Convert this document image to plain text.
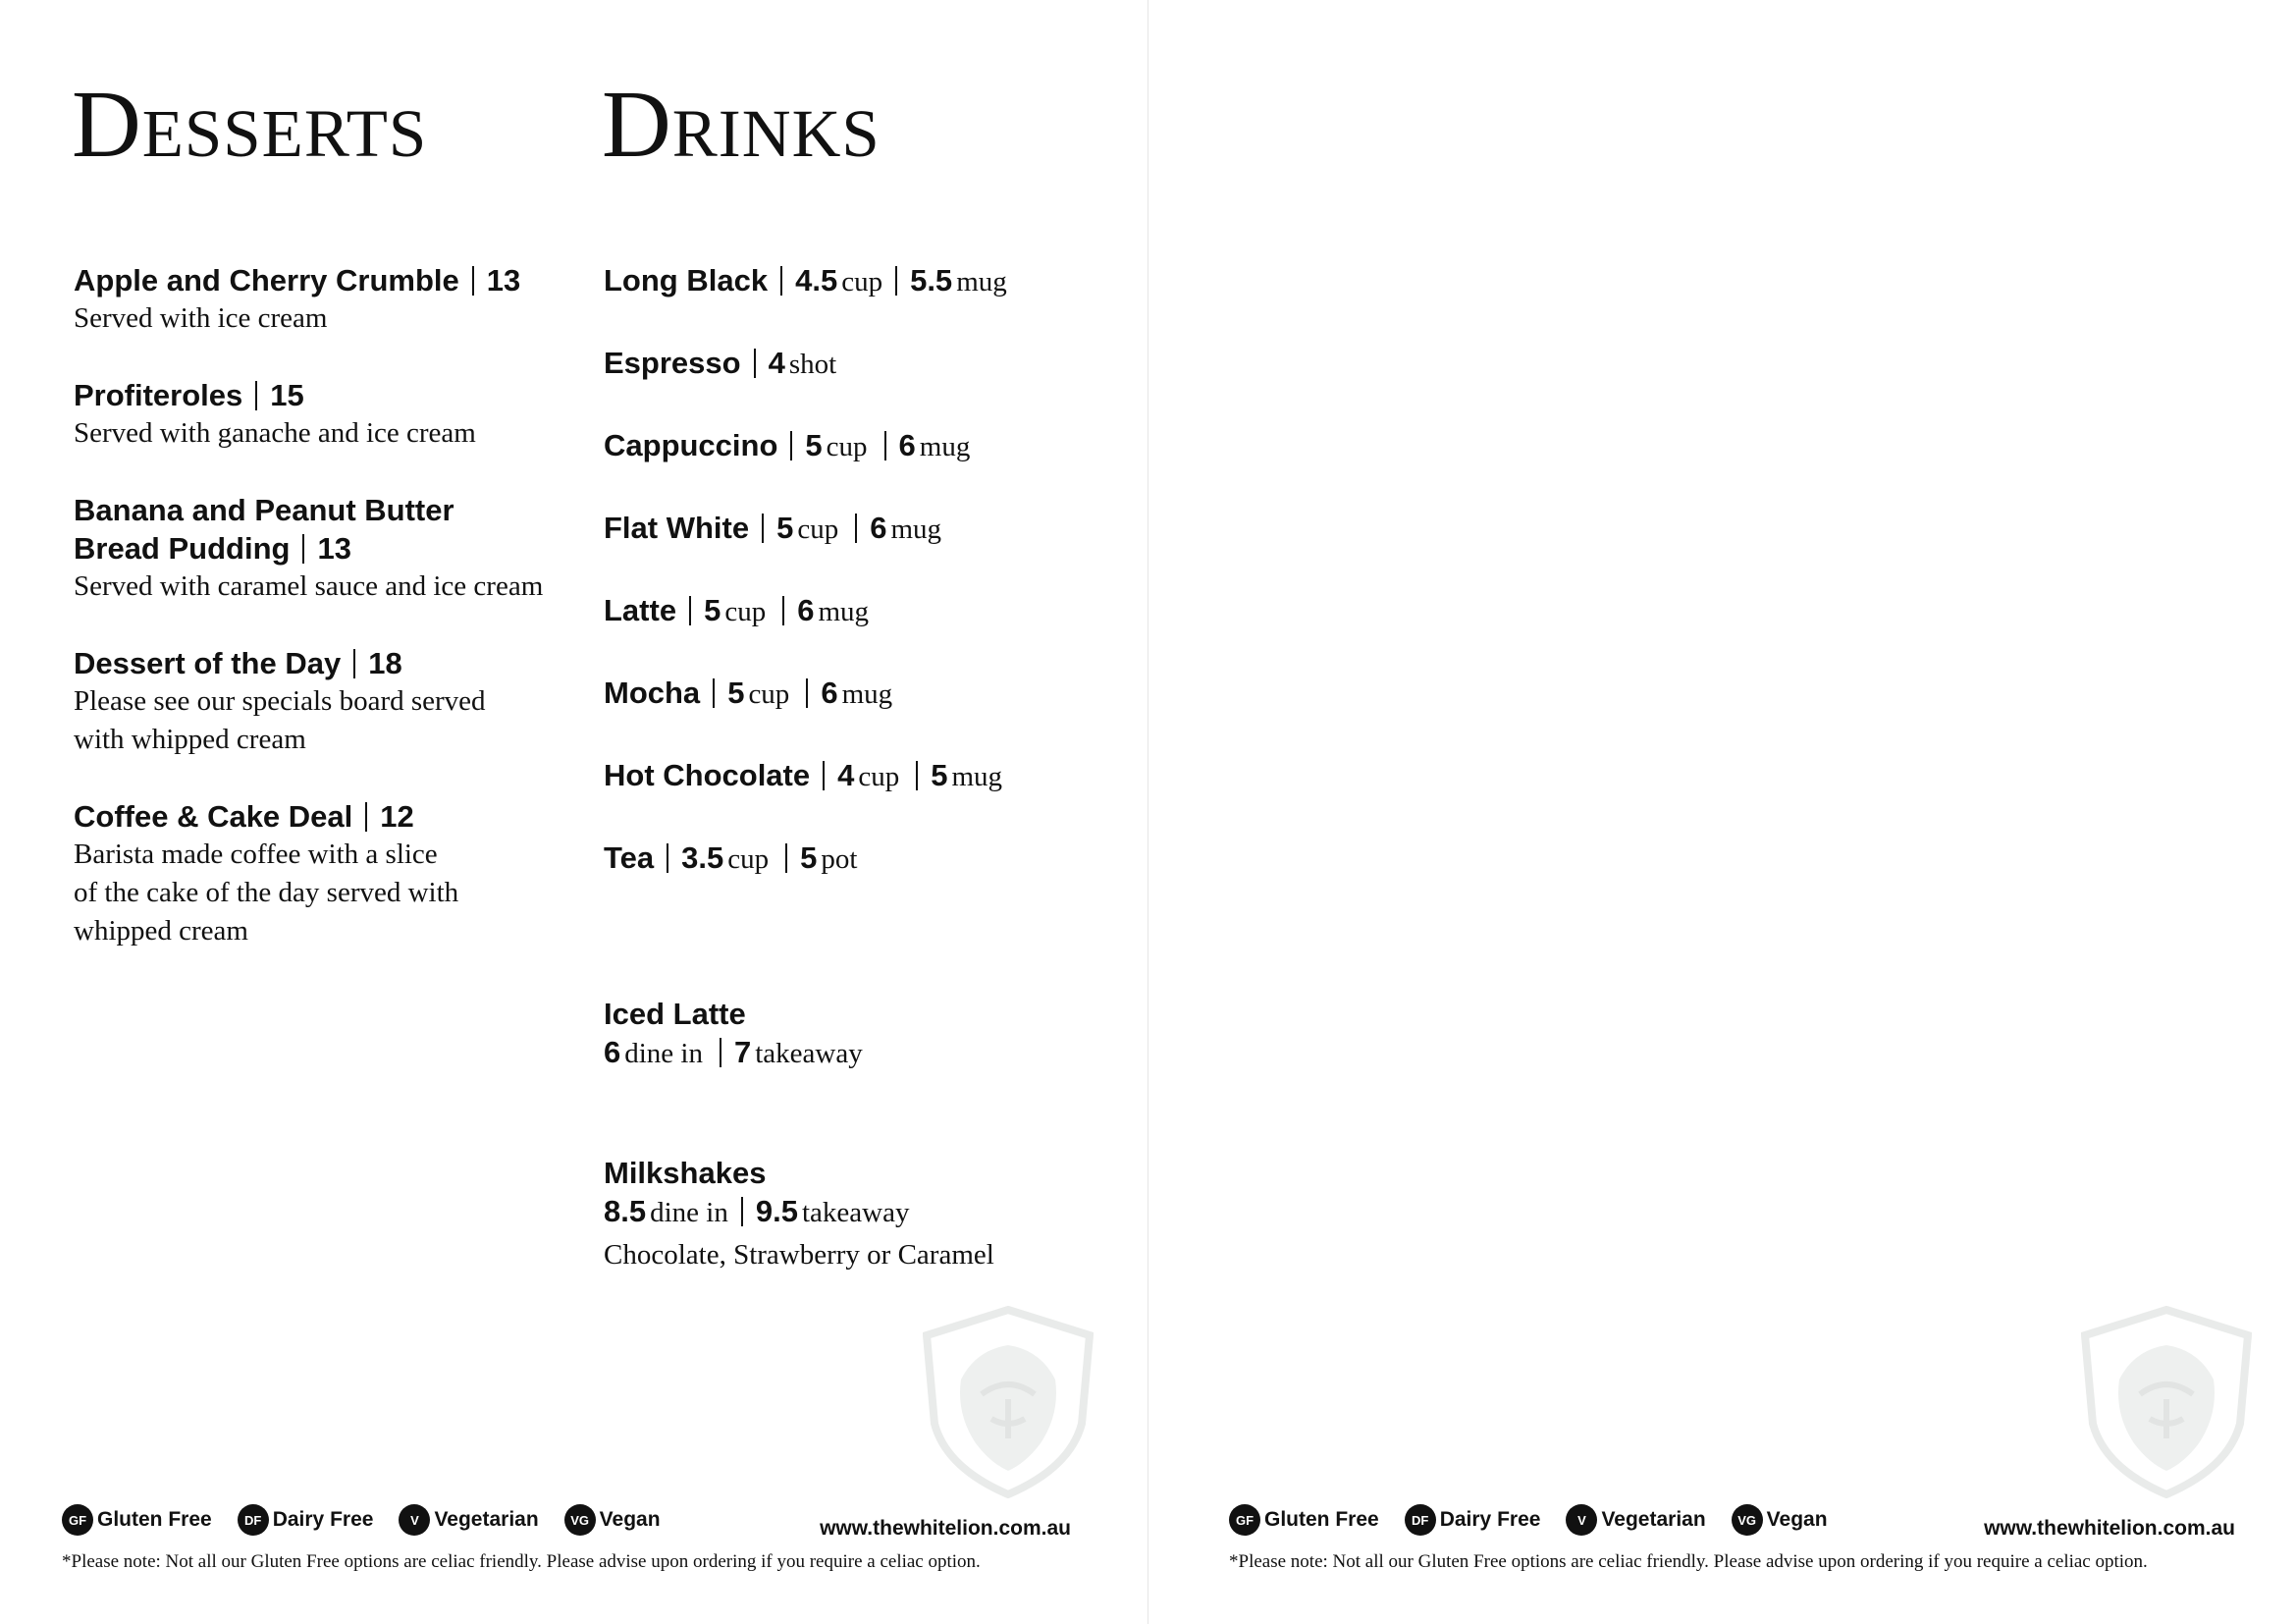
Desserts Drinks
Apple and Cherry Crumble 13
Served with ice cream
Profiteroles 15
Served with ganache and ice cream
Banana and Peanut Butter
Bread Pudding 13
Served with caramel sauce and ice cream
Dessert of the Day 18
Please see our specials board served
with whipped cream
Coffee & Cake Deal 12
Barista made coffee with a slice
of the cake of the day served with
whipped cream
Long Black 4.5 cup 5.5 mug
Espresso 4 shot
Cappuccino 5 cup 6 mug
Flat White 5 cup 6 mug
Latte 5 cup 6 mug
Mocha 5 cup 6 mug
Hot Chocolate 4 cup 5 mug
Tea 3.5 cup 5 pot
Iced Latte
6 dine in 7 takeaway
Milkshakes
8.5 dine in 9.5 takeaway
Chocolate, Strawberry or Caramel
GF Gluten Free	DF Dairy Free	V Vegetarian	VG Vegan	www.thewhitelion.com.au
*Please note: Not all our Gluten Free options are celiac friendly. Please advise upon ordering if you require a celiac option.
GF Gluten Free	DF Dairy Free	V Vegetarian	VG Vegan	www.thewhitelion.com.au
*Please note: Not all our Gluten Free options are celiac friendly. Please advise upon ordering if you require a celiac option.
